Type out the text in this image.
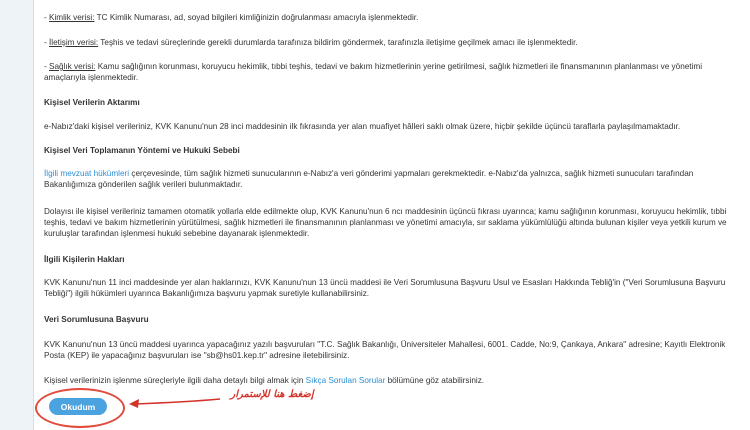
- Kimlik verisi: TC Kimlik Numarası, ad, soyad bilgileri kimliğinizin doğrulanması amacıyla işlenmektedir.

- İletişim verisi: Teşhis ve tedavi süreçlerinde gerekli durumlarda tarafınıza bildirim göndermek, tarafınızla iletişime geçilmek amacı ile işlenmektedir.

- Sağlık verisi: Kamu sağlığının korunması, koruyucu hekimlik, tıbbi teşhis, tedavi ve bakım hizmetlerinin yerine getirilmesi, sağlık hizmetleri ile finansmanının planlanması ve yönetimi amaçlarıyla işlenmektedir.

Kişisel Verilerin Aktarımı

e-Nabız'daki kişisel verileriniz, KVK Kanunu'nun 28 inci maddesinin ilk fıkrasında yer alan muafiyet hâlleri saklı olmak üzere, hiçbir şekilde üçüncü taraflarla paylaşılmamaktadır.

Kişisel Veri Toplamanın Yöntemi ve Hukuki Sebebi

İlgili mevzuat hükümleri çerçevesinde, tüm sağlık hizmeti sunucularının e-Nabız'a veri gönderimi yapmaları gerekmektedir. e-Nabız'da yalnızca, sağlık hizmeti sunucuları tarafından Bakanlığımıza gönderilen sağlık verileri bulunmaktadır.

Dolayısı ile kişisel verileriniz tamamen otomatik yollarla elde edilmekte olup, KVK Kanunu'nun 6 ncı maddesinin üçüncü fıkrası uyarınca; kamu sağlığının korunması, koruyucu hekimlik, tıbbi teşhis, tedavi ve bakım hizmetlerinin yürütülmesi, sağlık hizmetleri ile finansmanının planlanması ve yönetimi amacıyla, sır saklama yükümlülüğü altında bulunan kişiler veya yetkili kurum ve kuruluşlar tarafından işlenmesi hukuki sebebine dayanarak işlenmektedir.

İlgili Kişilerin Hakları

KVK Kanunu'nun 11 inci maddesinde yer alan haklarınızı, KVK Kanunu'nun 13 üncü maddesi ile Veri Sorumlusuna Başvuru Usul ve Esasları Hakkında Tebliğ'in ("Veri Sorumlusuna Başvuru Tebliği") ilgili hükümleri uyarınca Bakanlığımıza başvuru yapmak suretiyle kullanabilirsiniz.

Veri Sorumlusuna Başvuru

KVK Kanunu'nun 13 üncü maddesi uyarınca yapacağınız yazılı başvuruları "T.C. Sağlık Bakanlığı, Üniversiteler Mahallesi, 6001. Cadde, No:9, Çankaya, Ankara" adresine; Kayıtlı Elektronik Posta (KEP) ile yapacağınız başvuruları ise "sb@hs01.kep.tr" adresine iletebilirsiniz.

Kişisel verilerinizin işlenme süreçleriyle ilgili daha detaylı bilgi almak için Sıkça Sorulan Sorular bölümüne göz atabilirsiniz.

Okudum
إضغط هنا للإستمرار
